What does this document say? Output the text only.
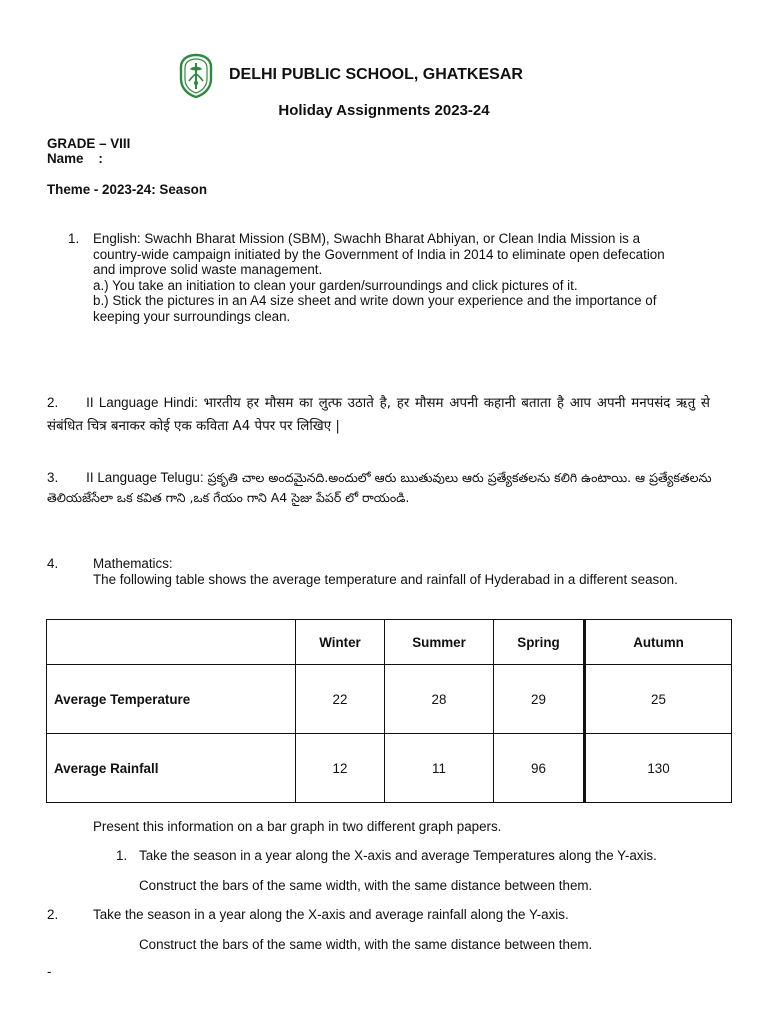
DELHI PUBLIC SCHOOL, GHATKESAR
Holiday Assignments 2023-24
GRADE – VIII
Name    :
Theme - 2023-24: Season
1. English: Swachh Bharat Mission (SBM), Swachh Bharat Abhiyan, or Clean India Mission is a
country-wide campaign initiated by the Government of India in 2014 to eliminate open defecation
and improve solid waste management.
a.) You take an initiation to clean your garden/surroundings and click pictures of it.
b.) Stick the pictures in an A4 size sheet and write down your experience and the importance of
keeping your surroundings clean.
2. II Language Hindi: भारतीय हर मौसम का लुत्फ उठाते है, हर मौसम अपनी कहानी बताता है आप अपनी मनपसंद ऋतु से संबंधित चित्र बनाकर कोई एक कविता A4 पेपर पर लिखिए |
3. II Language Telugu: ప్రకృతి చాల అందమైనది.అందులో ఆరు ఋతువులు ఆరు ప్రత్యేకతలను కలిగి ఉంటాయి. ఆ ప్రత్యేకతలను తెలియజేసేలా ఒక కవిత గాని ,ఒక గేయం గాని A4 సైజు పేపర్ లో రాయండి.
4.	Mathematics:
The following table shows the average temperature and rainfall of Hyderabad in a different season.
	Winter	Summer	Spring	Autumn
Average Temperature	22	28	29	25
Average Rainfall	12	11	96	130
Present this information on a bar graph in two different graph papers.
1. Take the season in a year along the X-axis and average Temperatures along the Y-axis.
Construct the bars of the same width, with the same distance between them.
2.	Take the season in a year along the X-axis and average rainfall along the Y-axis.
Construct the bars of the same width, with the same distance between them.
-
